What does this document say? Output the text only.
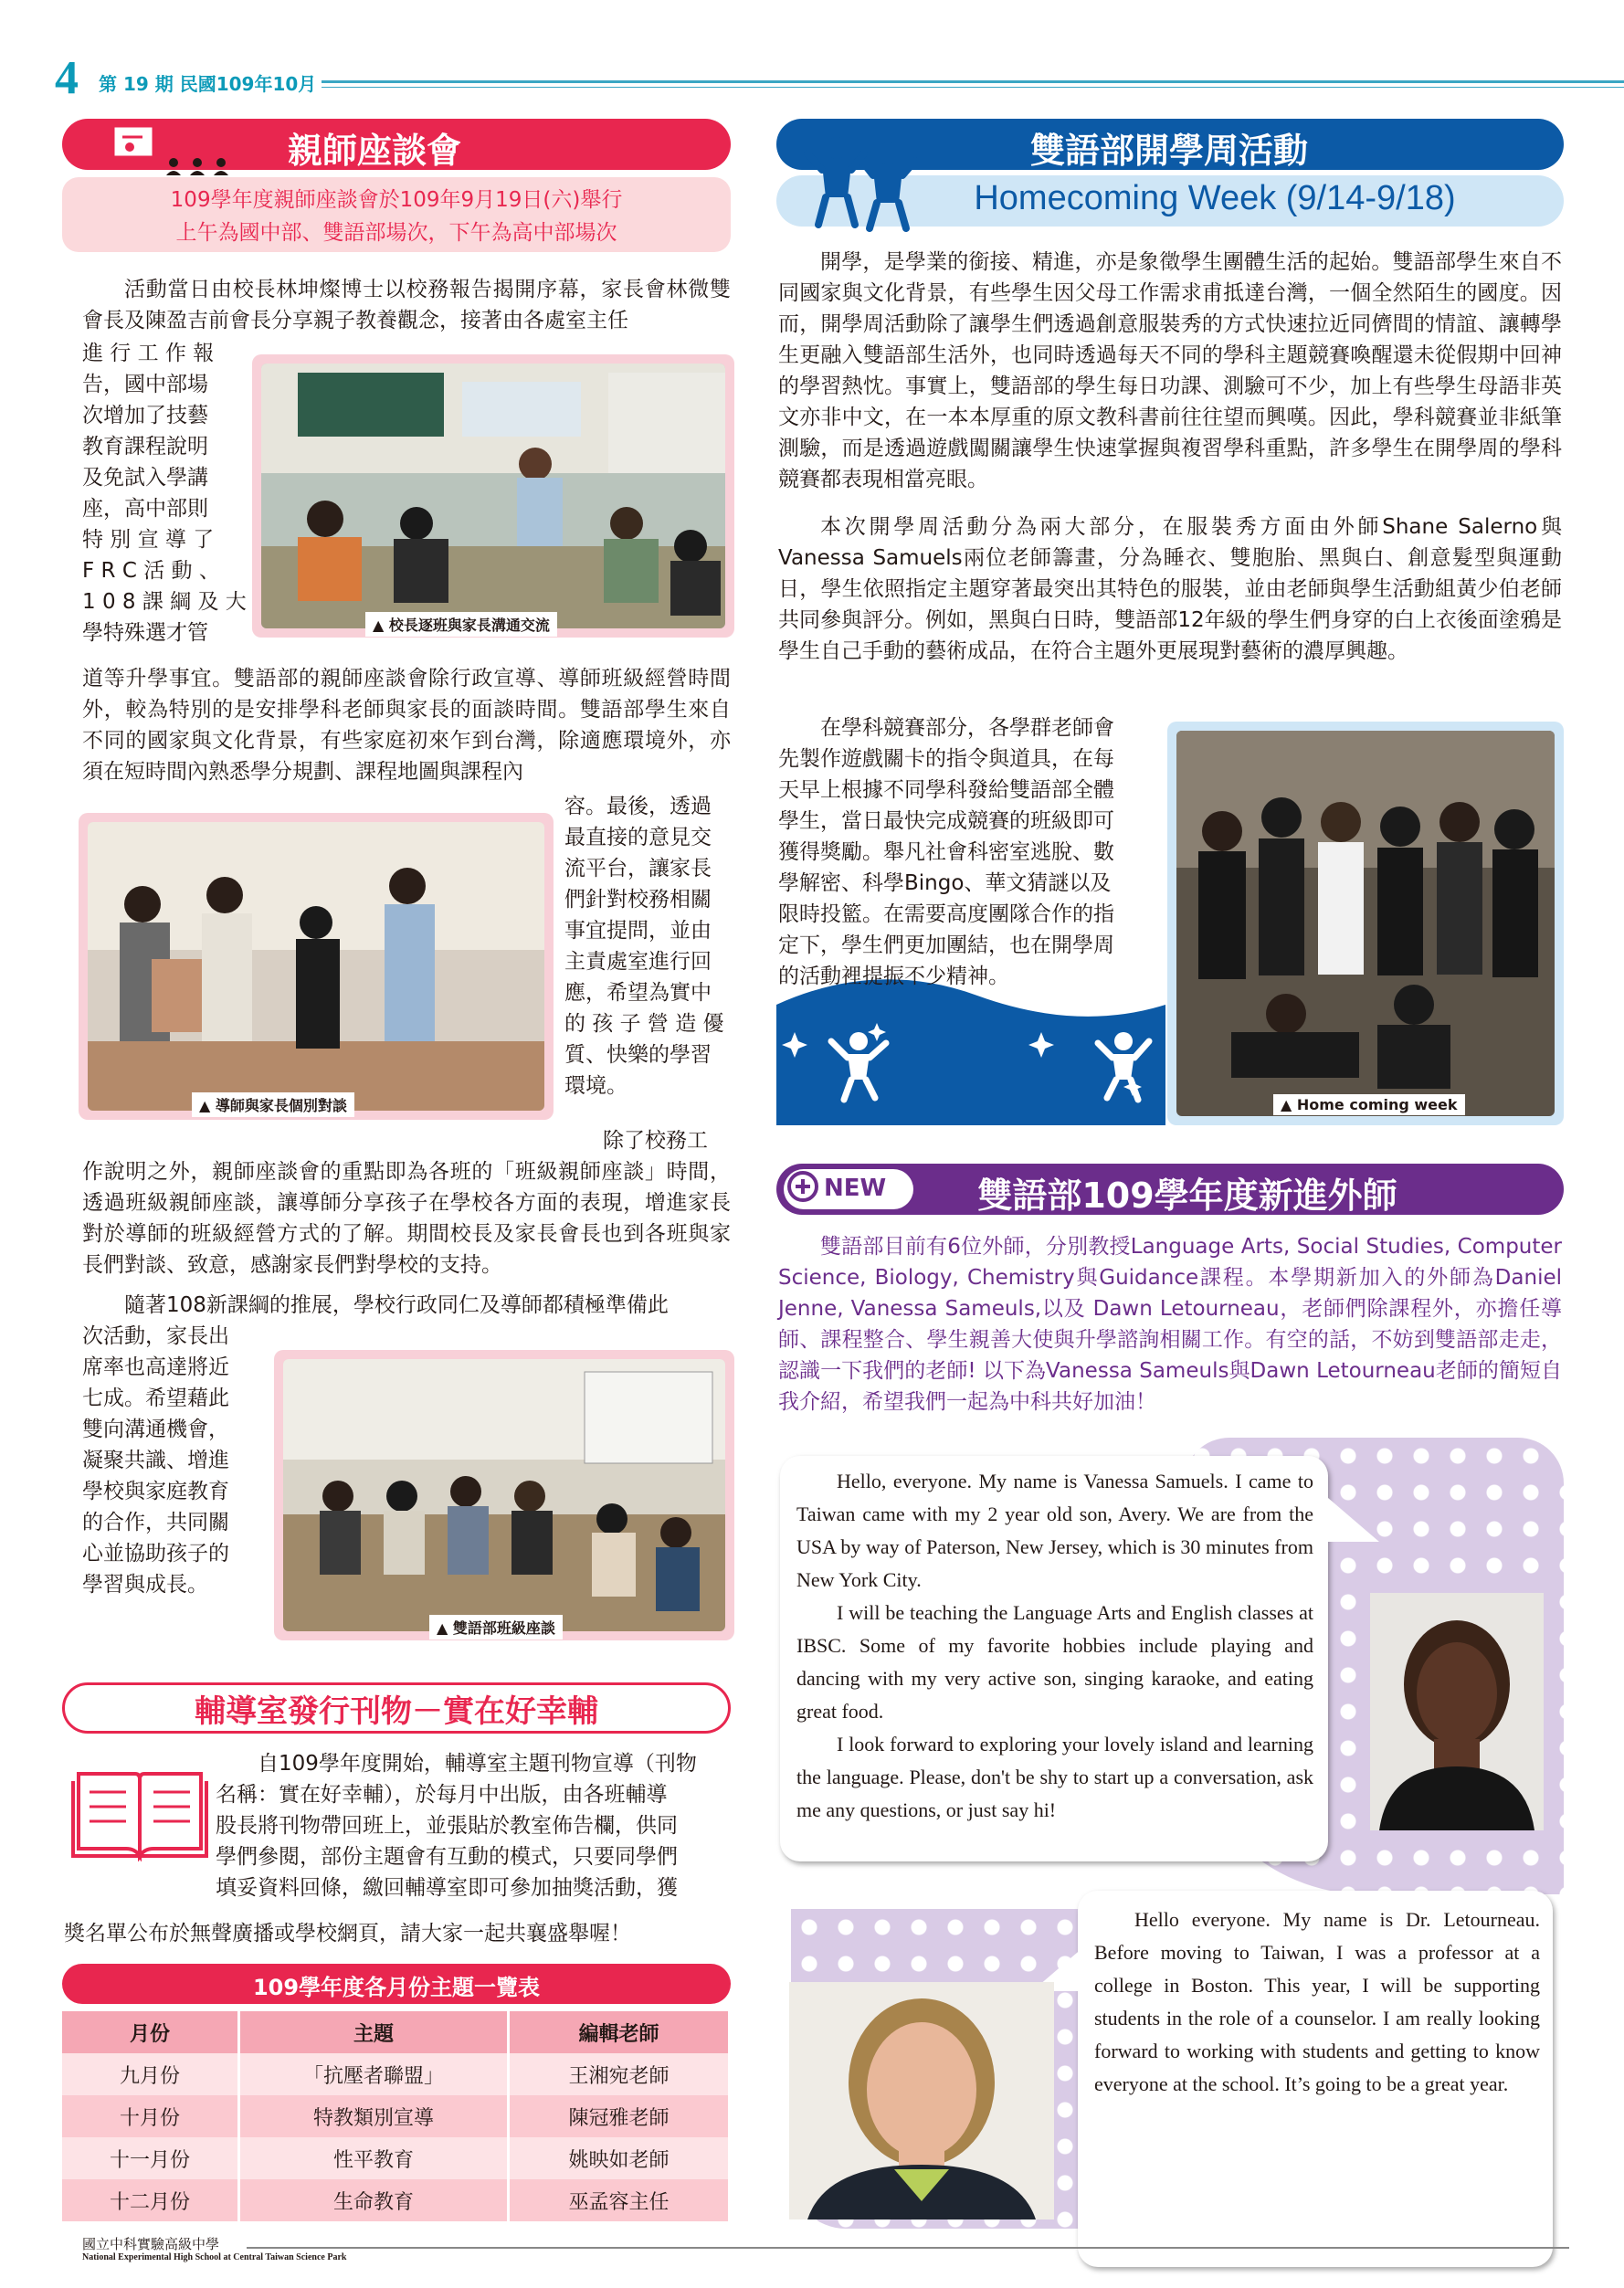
4 第 19 期 民國109年10月
親師座談會
109學年度親師座談會於109年9月19日(六)舉行
上午為國中部、雙語部場次，下午為高中部場次

活動當日由校長林坤燦博士以校務報告揭開序幕，家長會林微雙會長及陳盈吉前會長分享親子教養觀念，接著由各處室主任

進 行 工 作 報
告，國中部場
次增加了技藝
教育課程說明
及免試入學講
座，高中部則
特 別 宣 導 了
F R C 活 動 、
1 0 8 課 綱 及 大
學特殊選才管	▲ 校長逐班與家長溝通交流

道等升學事宜。雙語部的親師座談會除行政宣導、導師班級經營時間外，較為特別的是安排學科老師與家長的面談時間。雙語部學生來自不同的國家與文化背景，有些家庭初來乍到台灣，除適應環境外，亦須在短時間內熟悉學分規劃、課程地圖與課程內

▲ 導師與家長個別對談
容。最後，透過
最直接的意見交
流平台，讓家長
們針對校務相關
事宜提問，並由
主責處室進行回
應，希望為實中
的 孩 子 營 造 優
質、快樂的學習
環境。
除了校務工

作說明之外，親師座談會的重點即為各班的「班級親師座談」時間，透過班級親師座談，讓導師分享孩子在學校各方面的表現，增進家長對於導師的班級經營方式的了解。期間校長及家長會長也到各班與家長們對談、致意，感謝家長們對學校的支持。

隨著108新課綱的推展，學校行政同仁及導師都積極準備此

次活動，家長出
席率也高達將近
七成。希望藉此
雙向溝通機會，
凝聚共識、增進
學校與家庭教育
的合作，共同關
心並協助孩子的
學習與成長。
▲ 雙語部班級座談
輔導室發行刊物－實在好幸輔
自109學年度開始，輔導室主題刊物宣導（刊物
名稱：實在好幸輔），於每月中出版，由各班輔導
股長將刊物帶回班上，並張貼於教室佈告欄，供同
學們參閱，部份主題會有互動的模式，只要同學們
填妥資料回條，繳回輔導室即可參加抽獎活動，獲
獎名單公布於無聲廣播或學校網頁，請大家一起共襄盛舉喔！
109學年度各月份主題一覽表
月份	主題	編輯老師
九月份	「抗壓者聯盟」	王湘宛老師
十月份	特教類別宣導	陳冠雅老師
十一月份	性平教育	姚映如老師
十二月份	生命教育	巫孟容主任
雙語部開學周活動
Homecoming Week (9/14-9/18)

開學，是學業的銜接、精進，亦是象徵學生團體生活的起始。雙語部學生來自不同國家與文化背景，有些學生因父母工作需求甫抵達台灣，一個全然陌生的國度。因而，開學周活動除了讓學生們透過創意服裝秀的方式快速拉近同儕間的情誼、讓轉學生更融入雙語部生活外，也同時透過每天不同的學科主題競賽喚醒還未從假期中回神的學習熱忱。事實上，雙語部的學生每日功課、測驗可不少，加上有些學生母語非英文亦非中文，在一本本厚重的原文教科書前往往望而興嘆。因此，學科競賽並非紙筆測驗，而是透過遊戲闖關讓學生快速掌握與複習學科重點，許多學生在開學周的學科競賽都表現相當亮眼。

本次開學周活動分為兩大部分，在服裝秀方面由外師Shane Salerno與Vanessa Samuels兩位老師籌畫，分為睡衣、雙胞胎、黑與白、創意髮型與運動日，學生依照指定主題穿著最突出其特色的服裝，並由老師與學生活動組黃少伯老師共同參與評分。例如，黑與白日時，雙語部12年級的學生們身穿的白上衣後面塗鴉是學生自己手動的藝術成品，在符合主題外更展現對藝術的濃厚興趣。

在學科競賽部分，各學群老師會
先製作遊戲關卡的指令與道具，在每
天早上根據不同學科發給雙語部全體
學生，當日最快完成競賽的班級即可
獲得獎勵。舉凡社會科密室逃脫、數
學解密、科學Bingo、華文猜謎以及
限時投籃。在需要高度團隊合作的指
定下，學生們更加團結，也在開學周
的活動裡提振不少精神。
▲ Home coming week
NEW	雙語部109學年度新進外師

雙語部目前有6位外師，分別教授Language Arts, Social Studies, Computer Science, Biology, Chemistry與Guidance課程。本學期新加入的外師為Daniel Jenne, Vanessa Sameuls,以及 Dawn Letourneau，老師們除課程外，亦擔任導師、課程整合、學生親善大使與升學諮詢相關工作。有空的話，不妨到雙語部走走，認識一下我們的老師! 以下為Vanessa Sameuls與Dawn Letourneau老師的簡短自我介紹，希望我們一起為中科共好加油！

Hello, everyone. My name is Vanessa Samuels. I came to Taiwan came with my 2 year old son, Avery. We are from the USA by way of Paterson, New Jersey, which is 30 minutes from New York City.

I will be teaching the Language Arts and English classes at IBSC. Some of my favorite hobbies include playing and dancing with my very active son, singing karaoke, and eating great food.

I look forward to exploring your lovely island and learning the language. Please, don't be shy to start up a conversation, ask me any questions, or just say hi!

Hello everyone. My name is Dr. Letourneau. Before moving to Taiwan, I was a professor at a college in Boston. This year, I will be supporting students in the role of a counselor. I am really looking forward to working with students and getting to know everyone at the school. It’s going to be a great year.

國立中科實驗高級中學
National Experimental High School at Central Taiwan Science Park
